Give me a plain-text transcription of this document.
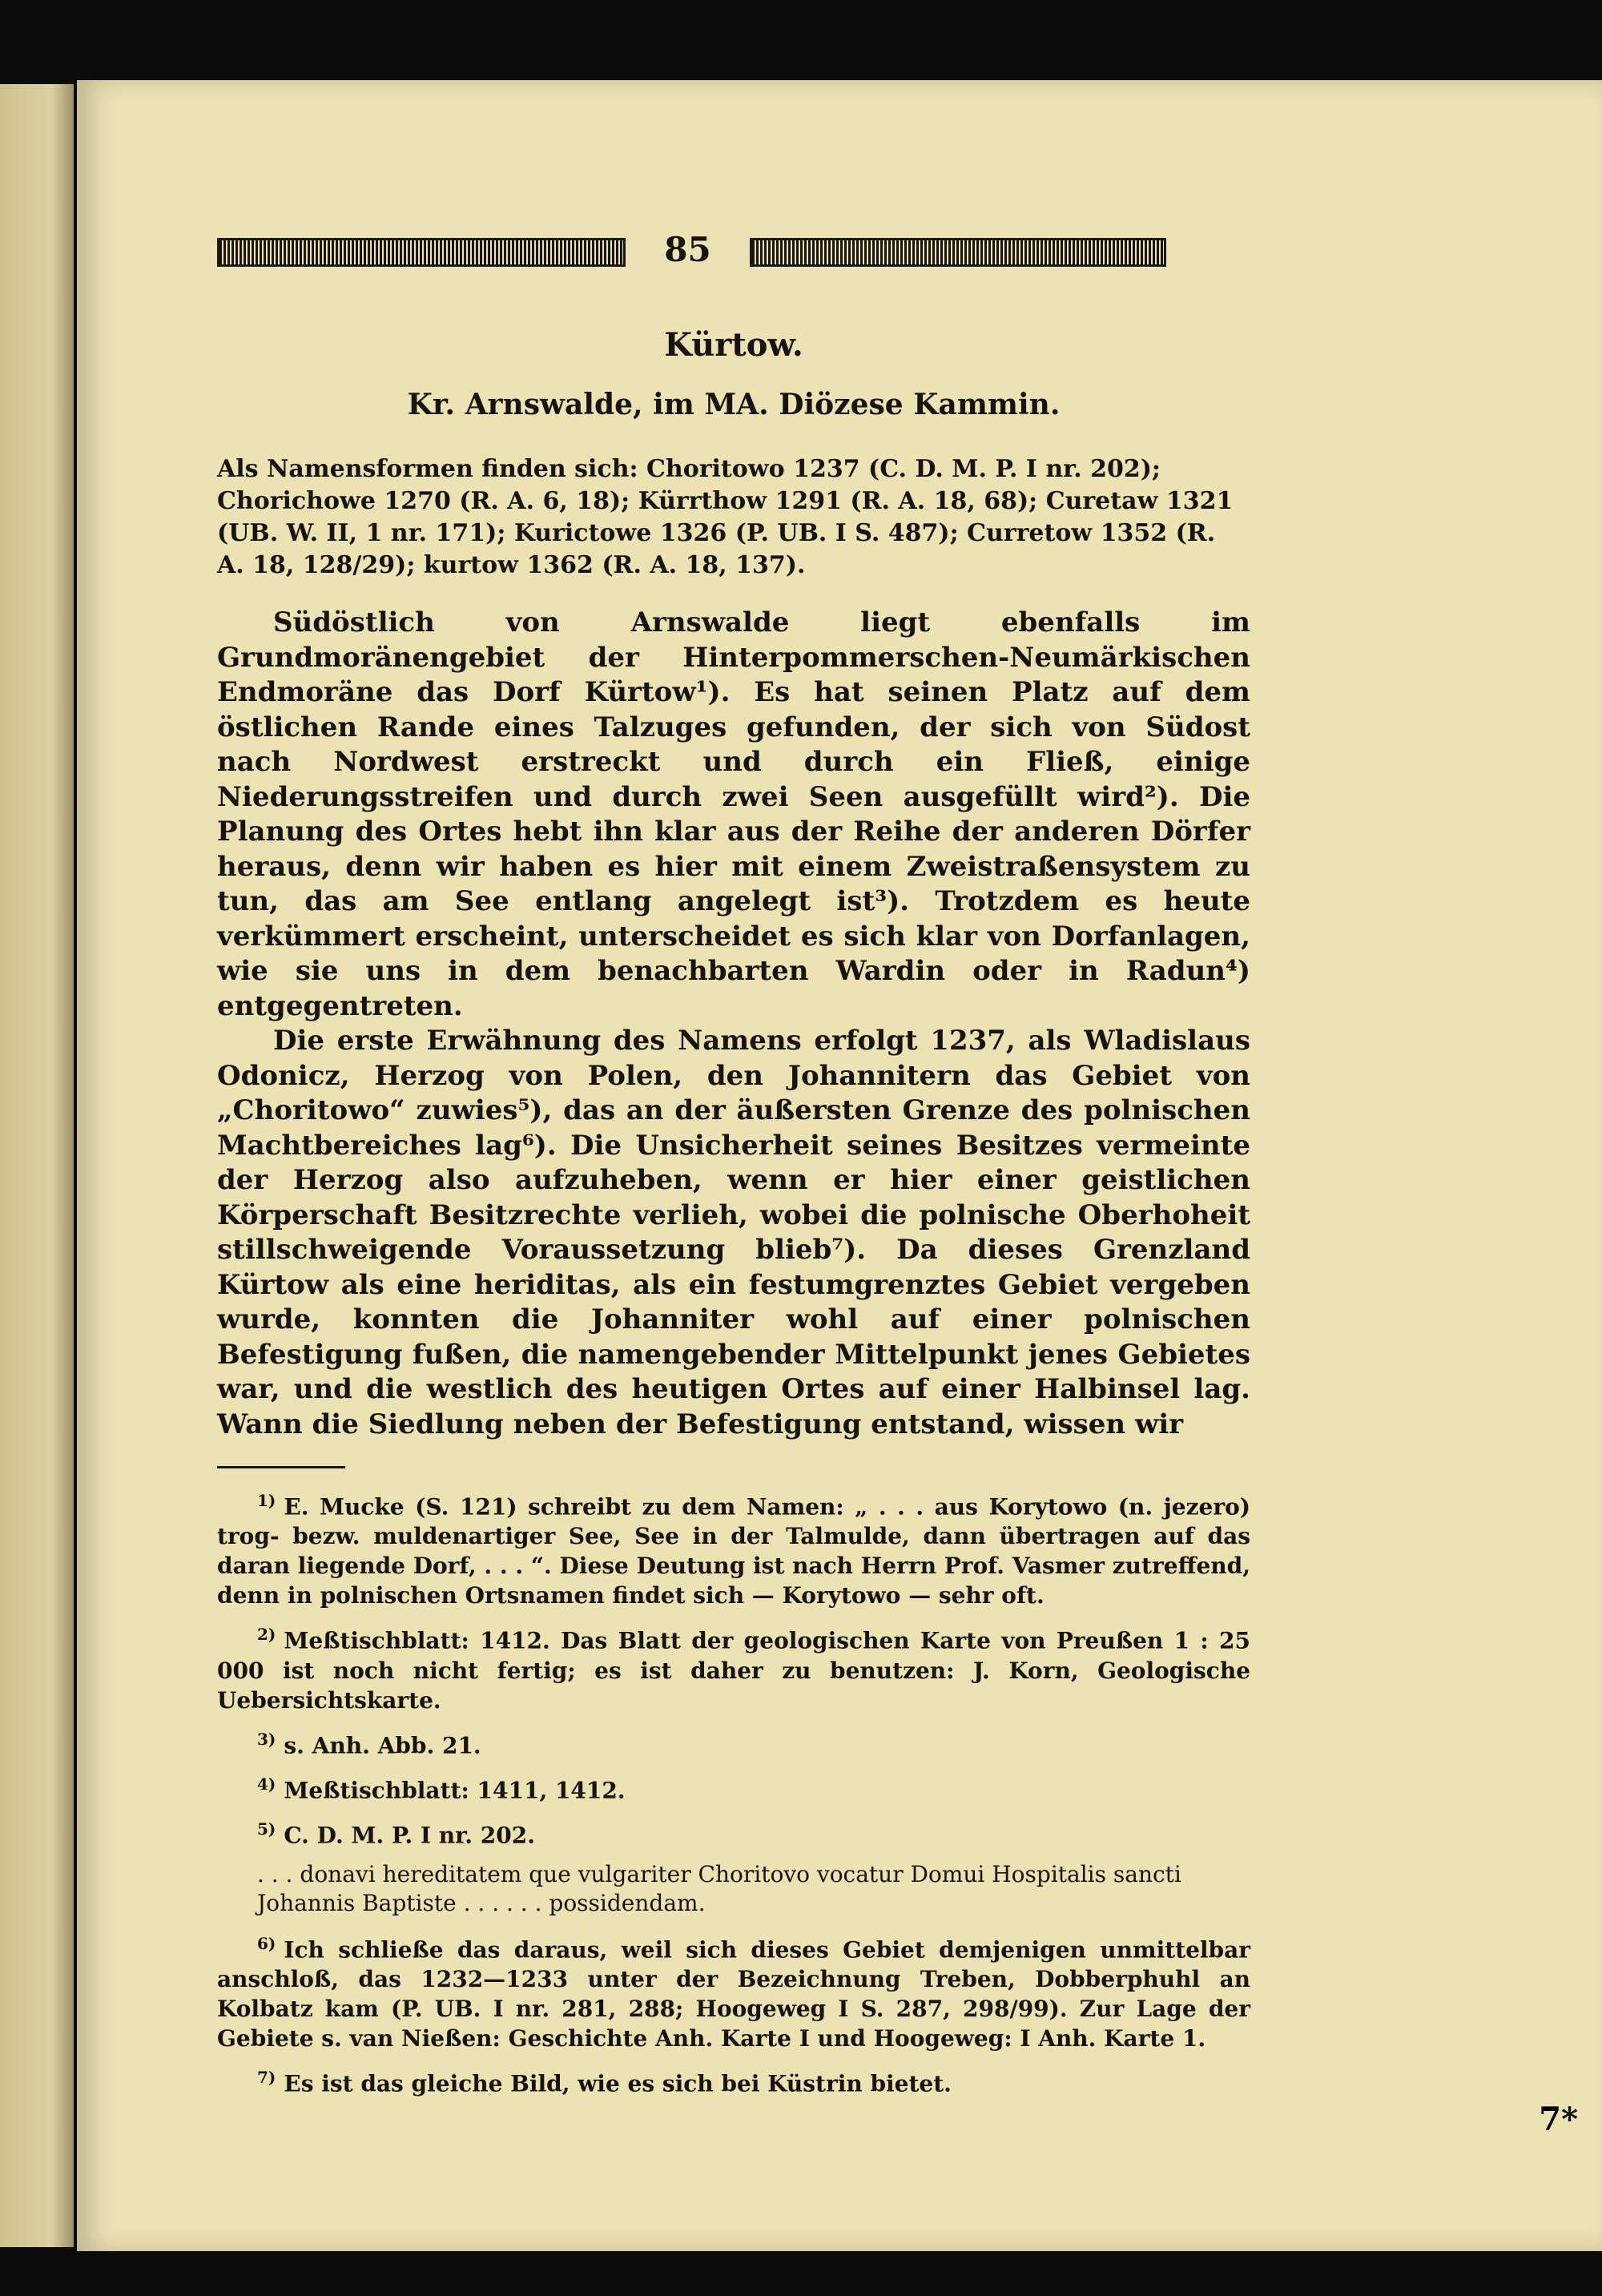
85
Kürtow.
Kr. Arnswalde, im MA. Diözese Kammin.

Als Namensformen finden sich: Choritowo 1237 (C. D. M. P. I nr. 202); Chorichowe 1270 (R. A. 6, 18); Kürrthow 1291 (R. A. 18, 68); Curetaw 1321 (UB. W. II, 1 nr. 171); Kurictowe 1326 (P. UB. I S. 487); Curretow 1352 (R. A. 18, 128/29); kurtow 1362 (R. A. 18, 137).

Südöstlich von Arnswalde liegt ebenfalls im Grundmoränengebiet der Hinterpommerschen-Neumärkischen Endmoräne das Dorf Kürtow¹). Es hat seinen Platz auf dem östlichen Rande eines Talzuges gefunden, der sich von Südost nach Nordwest erstreckt und durch ein Fließ, einige Niederungsstreifen und durch zwei Seen ausgefüllt wird²). Die Planung des Ortes hebt ihn klar aus der Reihe der anderen Dörfer heraus, denn wir haben es hier mit einem Zweistraßensystem zu tun, das am See entlang angelegt ist³). Trotzdem es heute verkümmert erscheint, unterscheidet es sich klar von Dorfanlagen, wie sie uns in dem benachbarten Wardin oder in Radun⁴) entgegentreten.

Die erste Erwähnung des Namens erfolgt 1237, als Wladislaus Odonicz, Herzog von Polen, den Johannitern das Gebiet von „Choritowo“ zuwies⁵), das an der äußersten Grenze des polnischen Machtbereiches lag⁶). Die Unsicherheit seines Besitzes vermeinte der Herzog also aufzuheben, wenn er hier einer geistlichen Körperschaft Besitzrechte verlieh, wobei die polnische Oberhoheit stillschweigende Voraussetzung blieb⁷). Da dieses Grenzland Kürtow als eine heriditas, als ein festumgrenztes Gebiet vergeben wurde, konnten die Johanniter wohl auf einer polnischen Befestigung fußen, die namengebender Mittelpunkt jenes Gebietes war, und die westlich des heutigen Ortes auf einer Halbinsel lag. Wann die Siedlung neben der Befestigung entstand, wissen wir

$^{1)}$ E. Mucke (S. 121) schreibt zu dem Namen: „ . . . aus Korytowo (n. jezero) trog- bezw. muldenartiger See, See in der Talmulde, dann übertragen auf das daran liegende Dorf, . . . “. Diese Deutung ist nach Herrn Prof. Vasmer zutreffend, denn in polnischen Ortsnamen findet sich — Korytowo — sehr oft.

$^{2)}$ Meßtischblatt: 1412. Das Blatt der geologischen Karte von Preußen 1 : 25 000 ist noch nicht fertig; es ist daher zu benutzen: J. Korn, Geologische Uebersichtskarte.

$^{3)}$ s. Anh. Abb. 21.

$^{4)}$ Meßtischblatt: 1411, 1412.

$^{5)}$ C. D. M. P. I nr. 202.

. . . donavi hereditatem que vulgariter Choritovo vocatur Domui Hospitalis sancti Johannis Baptiste . . . . . . possidendam.

$^{6)}$ Ich schließe das daraus, weil sich dieses Gebiet demjenigen unmittelbar anschloß, das 1232—1233 unter der Bezeichnung Treben, Dobberphuhl an Kolbatz kam (P. UB. I nr. 281, 288; Hoogeweg I S. 287, 298/99). Zur Lage der Gebiete s. van Nießen: Geschichte Anh. Karte I und Hoogeweg: I Anh. Karte 1.

$^{7)}$ Es ist das gleiche Bild, wie es sich bei Küstrin bietet.

7*
